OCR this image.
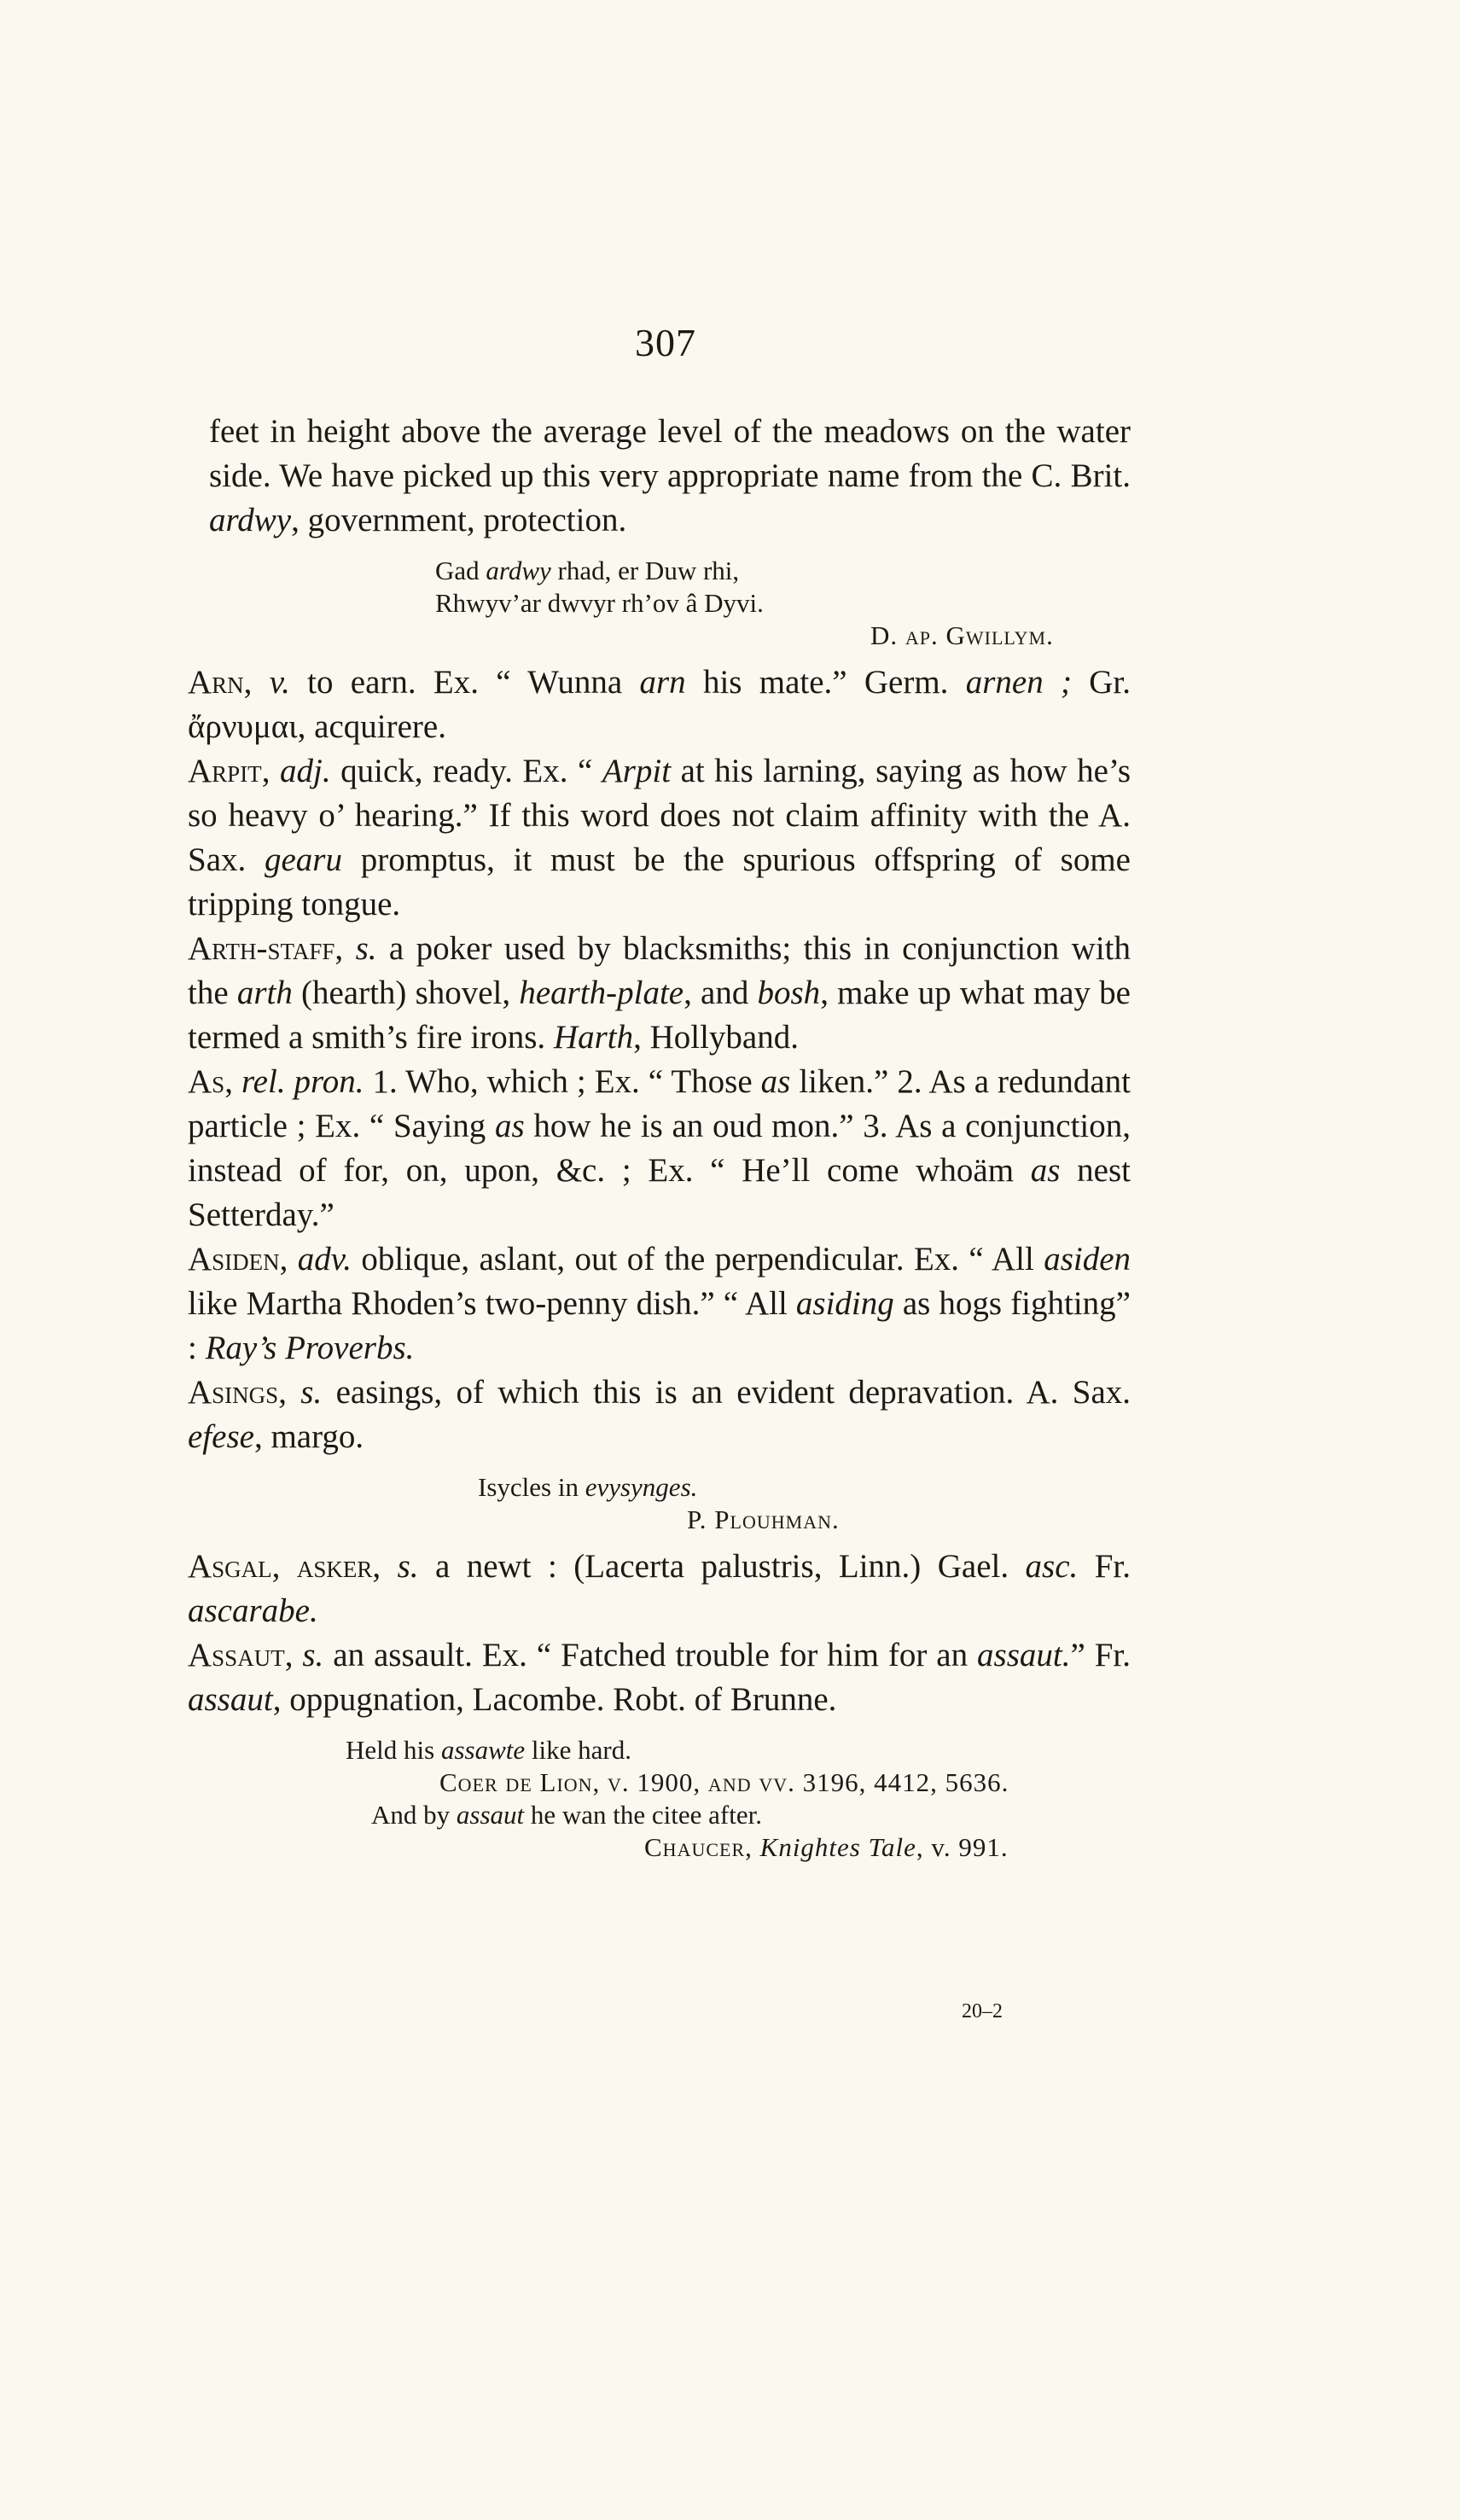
307

feet in height above the average level of the meadows on the water side. We have picked up this very appropriate name from the C. Brit. ardwy, government, protection.

Gad ardwy rhad, er Duw rhi,
Rhwyv’ar dwvyr rh’ov â Dyvi.
D. ap. Gwillym.

Arn, v. to earn. Ex. “ Wunna arn his mate.” Germ. arnen ; Gr. ἄρνυμαι, acquirere.

Arpit, adj. quick, ready. Ex. “ Arpit at his larning, saying as how he’s so heavy o’ hearing.” If this word does not claim affinity with the A. Sax. gearu promptus, it must be the spurious offspring of some tripping tongue.

Arth-staff, s. a poker used by blacksmiths; this in conjunction with the arth (hearth) shovel, hearth-plate, and bosh, make up what may be termed a smith’s fire irons. Harth, Hollyband.

As, rel. pron. 1. Who, which ; Ex. “ Those as liken.” 2. As a redundant particle ; Ex. “ Saying as how he is an oud mon.” 3. As a conjunction, instead of for, on, upon, &c. ; Ex. “ He’ll come whoäm as nest Setterday.”

Asiden, adv. oblique, aslant, out of the perpendicular. Ex. “ All asiden like Martha Rhoden’s two-penny dish.” “ All asiding as hogs fighting” : Ray’s Proverbs.

Asings, s. easings, of which this is an evident depravation. A. Sax. efese, margo.

Isycles in evysynges.
P. Plouhman.

Asgal, asker, s. a newt : (Lacerta palustris, Linn.) Gael. asc. Fr. ascarabe.

Assaut, s. an assault. Ex. “ Fatched trouble for him for an assaut.” Fr. assaut, oppugnation, Lacombe. Robt. of Brunne.

Held his assawte like hard.
Coer de Lion, v. 1900, and vv. 3196, 4412, 5636.
And by assaut he wan the citee after.
Chaucer, Knightes Tale, v. 991.
20–2
